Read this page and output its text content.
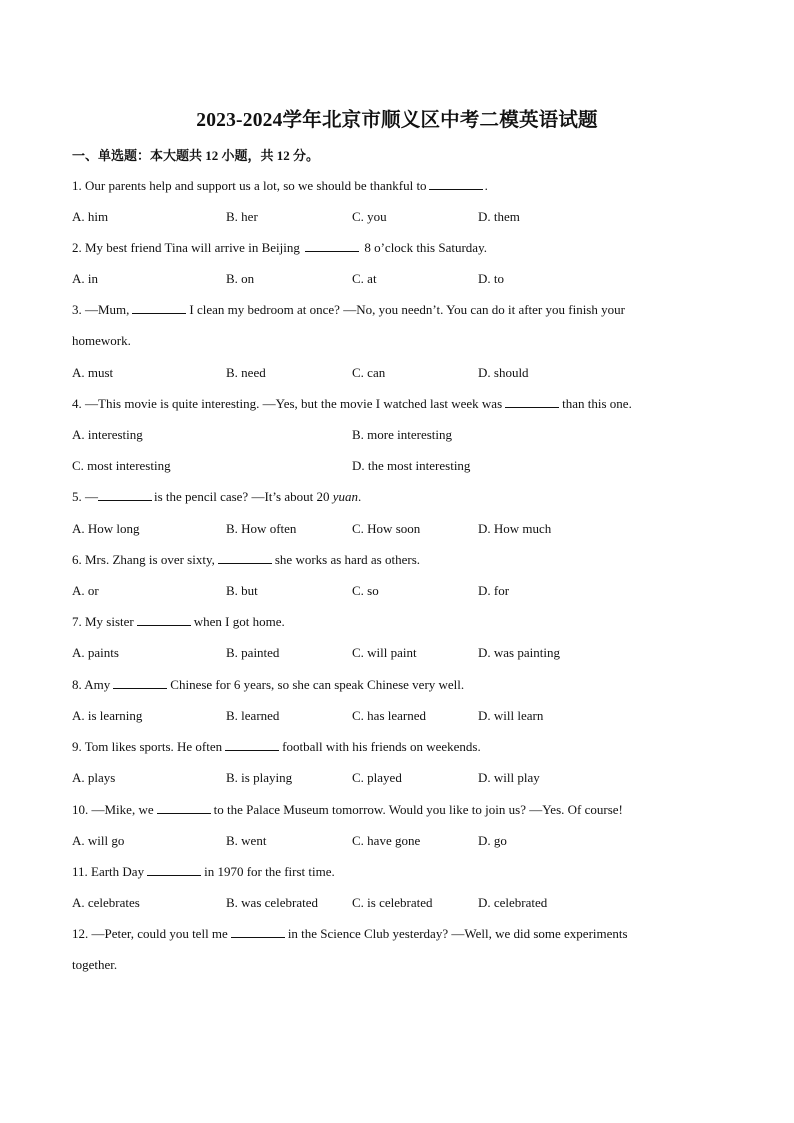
2023-2024学年北京市顺义区中考二模英语试题
一、单选题：本大题共 12 小题，共 12 分。
1. Our parents help and support us a lot, so we should be thankful to	.
A. him	B. her	C. you	D. them
2. My best friend Tina will arrive in Beijing	8 o’clock this Saturday.
A. in	B. on	C. at	D. to
3. —Mum,	I clean my bedroom at once? —No, you needn’t. You can do it after you finish your
homework.
A. must	B. need	C. can	D. should
4. —This movie is quite interesting. —Yes, but the movie I watched last week was	than this one.
A. interesting	B. more interesting
C. most interesting	D. the most interesting
5. —	is the pencil case? —It’s about 20 yuan.
A. How long	B. How often	C. How soon	D. How much
6. Mrs. Zhang is over sixty,	she works as hard as others.
A. or	B. but	C. so	D. for
7. My sister	when I got home.
A. paints	B. painted	C. will paint	D. was painting
8. Amy	Chinese for 6 years, so she can speak Chinese very well.
A. is learning	B. learned	C. has learned	D. will learn
9. Tom likes sports. He often	football with his friends on weekends.
A. plays	B. is playing	C. played	D. will play
10. —Mike, we	to the Palace Museum tomorrow. Would you like to join us? —Yes. Of course!
A. will go	B. went	C. have gone	D. go
11. Earth Day	in 1970 for the first time.
A. celebrates	B. was celebrated	C. is celebrated	D. celebrated
12. —Peter, could you tell me	in the Science Club yesterday? —Well, we did some experiments
together.
